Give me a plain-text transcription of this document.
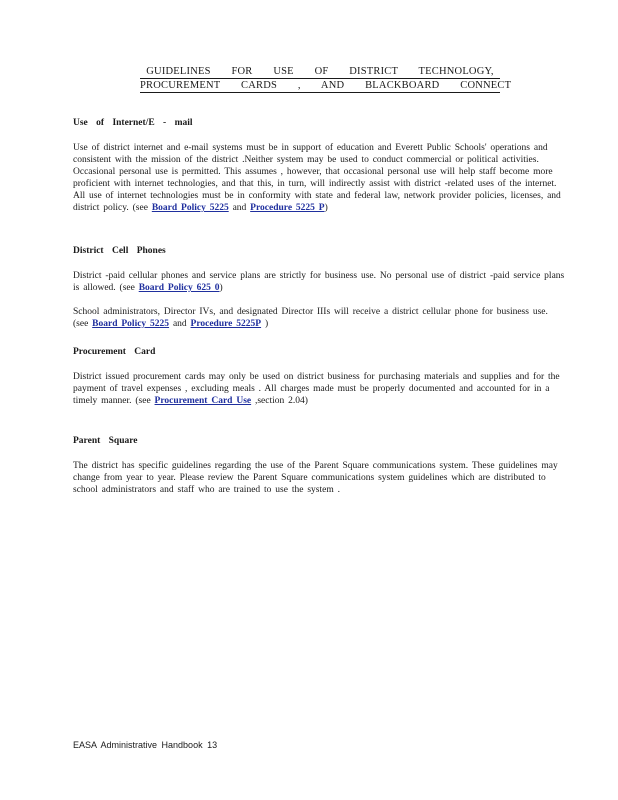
GUIDELINES FOR USE OF DISTRICT TECHNOLOGY,
PROCUREMENT CARDS , AND BLACKBOARD CONNECT

Use of Internet/E - mail

Use of district internet and e-mail systems must be in support of education and Everett Public Schools' operations and consistent with the mission of the district .Neither system may be used to conduct commercial or political activities. Occasional personal use is permitted. This assumes , however, that occasional personal use will help staff become more proficient with internet technologies, and that this, in turn, will indirectly assist with district -related uses of the internet. All use of internet technologies must be in conformity with state and federal law, network provider policies, licenses, and district policy. (see Board Policy 5225 and Procedure 5225 P)

District Cell Phones

District -paid cellular phones and service plans are strictly for business use. No personal use of district -paid service plans is allowed. (see Board Policy 625 0)

School administrators, Director IVs, and designated Director IIIs will receive a district cellular phone for business use. (see Board Policy 5225 and Procedure 5225P )

Procurement Card

District issued procurement cards may only be used on district business for purchasing materials and supplies and for the payment of travel expenses , excluding meals . All charges made must be properly documented and accounted for in a timely manner. (see Procurement Card Use ,section 2.04)

Parent Square

The district has specific guidelines regarding the use of the Parent Square communications system. These guidelines may change from year to year. Please review the Parent Square communications system guidelines which are distributed to school administrators and staff who are trained to use the system .

EASA Administrative Handbook 13
